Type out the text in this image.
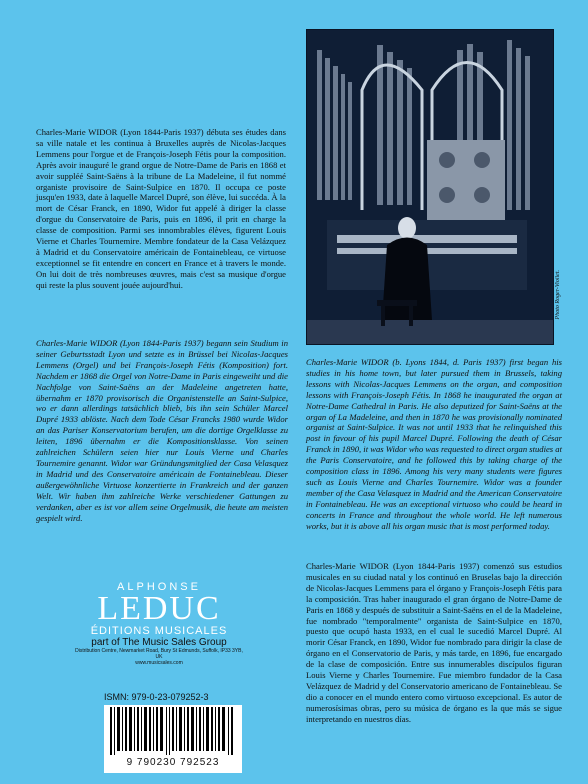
Charles-Marie WIDOR (Lyon 1844-Paris 1937) débuta ses études dans sa ville natale et les continua à Bruxelles auprès de Nicolas-Jacques Lemmens pour l'orgue et de François-Joseph Fétis pour la composition. Après avoir inauguré le grand orgue de Notre-Dame de Paris en 1868 et avoir suppléé Saint-Saëns à la tribune de La Madeleine, il fut nommé organiste provisoire de Saint-Sulpice en 1870. Il occupa ce poste jusqu'en 1933, date à laquelle Marcel Dupré, son élève, lui succéda. À la mort de César Franck, en 1890, Widor fut appelé à diriger la classe d'orgue du Conservatoire de Paris, puis en 1896, il prit en charge la classe de composition. Parmi ses innombrables élèves, figurent Louis Vierne et Charles Tournemire. Membre fondateur de la Casa Velázquez à Madrid et du Conservatoire américain de Fontainebleau, ce virtuose exceptionnel se fit entendre en concert en France et à travers le monde. On lui doit de très nombreuses œuvres, mais c'est sa musique d'orgue qui reste la plus souvent jouée aujourd'hui.
Charles-Marie WIDOR (Lyon 1844-Paris 1937) begann sein Studium in seiner Geburtsstadt Lyon und setzte es in Brüssel bei Nicolas-Jacques Lemmens (Orgel) und bei François-Joseph Fétis (Komposition) fort. Nachdem er 1868 die Orgel von Notre-Dame in Paris eingeweiht und die Nachfolge von Saint-Saëns an der Madeleine angetreten hatte, übernahm er 1870 provisorisch die Organistenstelle an Saint-Sulpice, wo er dann allerdings tatsächlich blieb, bis ihn sein Schüler Marcel Dupré 1933 ablöste. Nach dem Tode César Francks 1980 wurde Widor an das Pariser Konservatorium berufen, um die dortige Orgelklasse zu leiten, 1896 übernahm er die Kompositionsklasse. Von seinen zahlreichen Schülern seien hier nur Louis Vierne und Charles Tournemire genannt. Widor war Gründungsmitglied der Casa Velasquez in Madrid und des Conservatoire américain de Fontainebleau. Dieser außergewöhnliche Virtuose konzertierte in Frankreich und der ganzen Welt. Wir haben ihm zahlreiche Werke verschiedener Gattungen zu verdanken, aber es ist vor allem seine Orgelmusik, die heute am meisten gespielt wird.
Photo Roger-Viollet.
Charles-Marie WIDOR (b. Lyons 1844, d. Paris 1937) first began his studies in his home town, but later pursued them in Brussels, taking lessons with Nicolas-Jacques Lemmens on the organ, and composition lessons with François-Joseph Fétis. In 1868 he inaugurated the organ at Notre-Dame Cathedral in Paris. He also deputized for Saint-Saëns at the organ of La Madeleine, and then in 1870 he was provisionally nominated organist at Saint-Sulpice. It was not until 1933 that he relinquished this post in favour of his pupil Marcel Dupré. Following the death of César Franck in 1890, it was Widor who was requested to direct organ studies at the Paris Conservatoire, and he followed this by taking charge of the composition class in 1896. Among his very many students were figures such as Louis Vierne and Charles Tournemire. Widor was a founder member of the Casa Velasquez in Madrid and the American Conservatoire in Fontainebleau. He was an exceptional virtuoso who could be heard in concerts in France and throughout the whole world. He left numerous works, but it is above all his organ music that is most performed today.
Charles-Marie WIDOR (Lyon 1844-Paris 1937) comenzó sus estudios musicales en su ciudad natal y los continuó en Bruselas bajo la dirección de Nicolas-Jacques Lemmens para el órgano y François-Joseph Fétis para la composición. Tras haber inaugurado el gran órgano de Notre-Dame de Paris en 1868 y después de substituir a Saint-Saëns en el de la Madeleine, fue nombrado "temporalmente" organista de Saint-Sulpice en 1870, puesto que ocupó hasta 1933, en el cual le sucedió Marcel Dupré. Al morir César Franck, en 1890, Widor fue nombrado para dirigir la clase de órgano en el Conservatorio de Paris, y más tarde, en 1896, fue encargado de la clase de composición. Entre sus innumerables discípulos figuran Louis Vierne y Charles Tournemire. Fue miembro fundador de la Casa Velázquez de Madrid y del Conservatorio americano de Fontainebleau. Se dio a conocer en el mundo entero como virtuoso excepcional. Es autor de numerosísimas obras, pero su música de órgano es la que más se sigue interpretando en nuestros días.
ALPHONSE
LEDUC
ÉDITIONS MUSICALES
part of The Music Sales Group
Distribution Centre, Newmarket Road, Bury St Edmunds, Suffolk, IP33 3YB, UK
www.musicsales.com
ISMN: 979-0-23-079252-3
9 790230 792523
